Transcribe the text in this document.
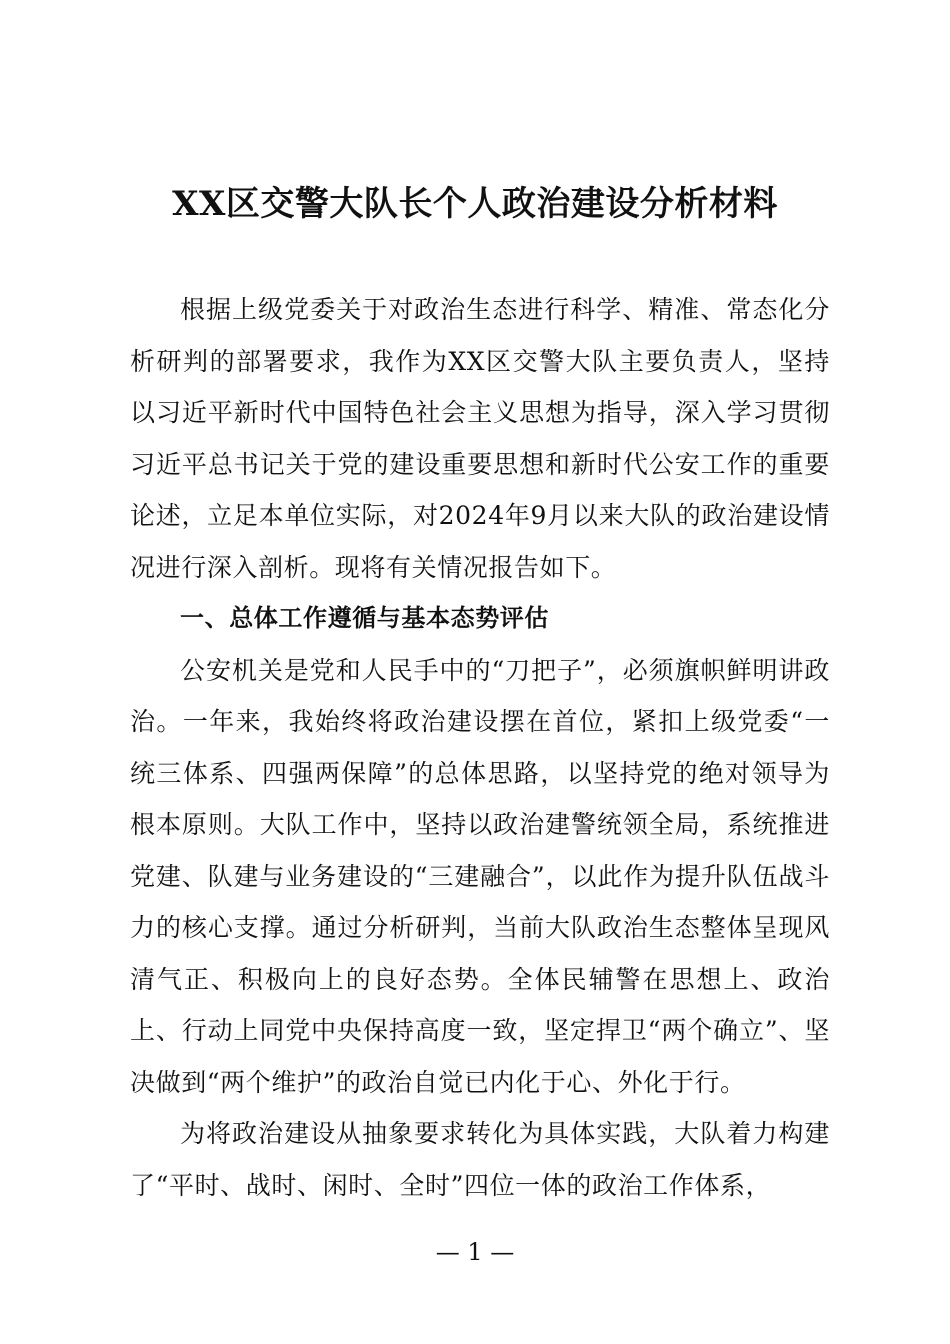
XX区交警大队长个人政治建设分析材料

根据上级党委关于对政治生态进行科学、精准、常态化分析研判的部署要求，我作为XX区交警大队主要负责人，坚持以习近平新时代中国特色社会主义思想为指导，深入学习贯彻习近平总书记关于党的建设重要思想和新时代公安工作的重要论述，立足本单位实际，对2024年9月以来大队的政治建设情况进行深入剖析。现将有关情况报告如下。

一、总体工作遵循与基本态势评估

公安机关是党和人民手中的“刀把子”，必须旗帜鲜明讲政治。一年来，我始终将政治建设摆在首位，紧扣上级党委“一统三体系、四强两保障”的总体思路，以坚持党的绝对领导为根本原则。大队工作中，坚持以政治建警统领全局，系统推进党建、队建与业务建设的“三建融合”，以此作为提升队伍战斗力的核心支撑。通过分析研判，当前大队政治生态整体呈现风清气正、积极向上的良好态势。全体民辅警在思想上、政治上、行动上同党中央保持高度一致，坚定捍卫“两个确立”、坚决做到“两个维护”的政治自觉已内化于心、外化于行。

为将政治建设从抽象要求转化为具体实践，大队着力构建了“平时、战时、闲时、全时”四位一体的政治工作体系，

— 1 —
